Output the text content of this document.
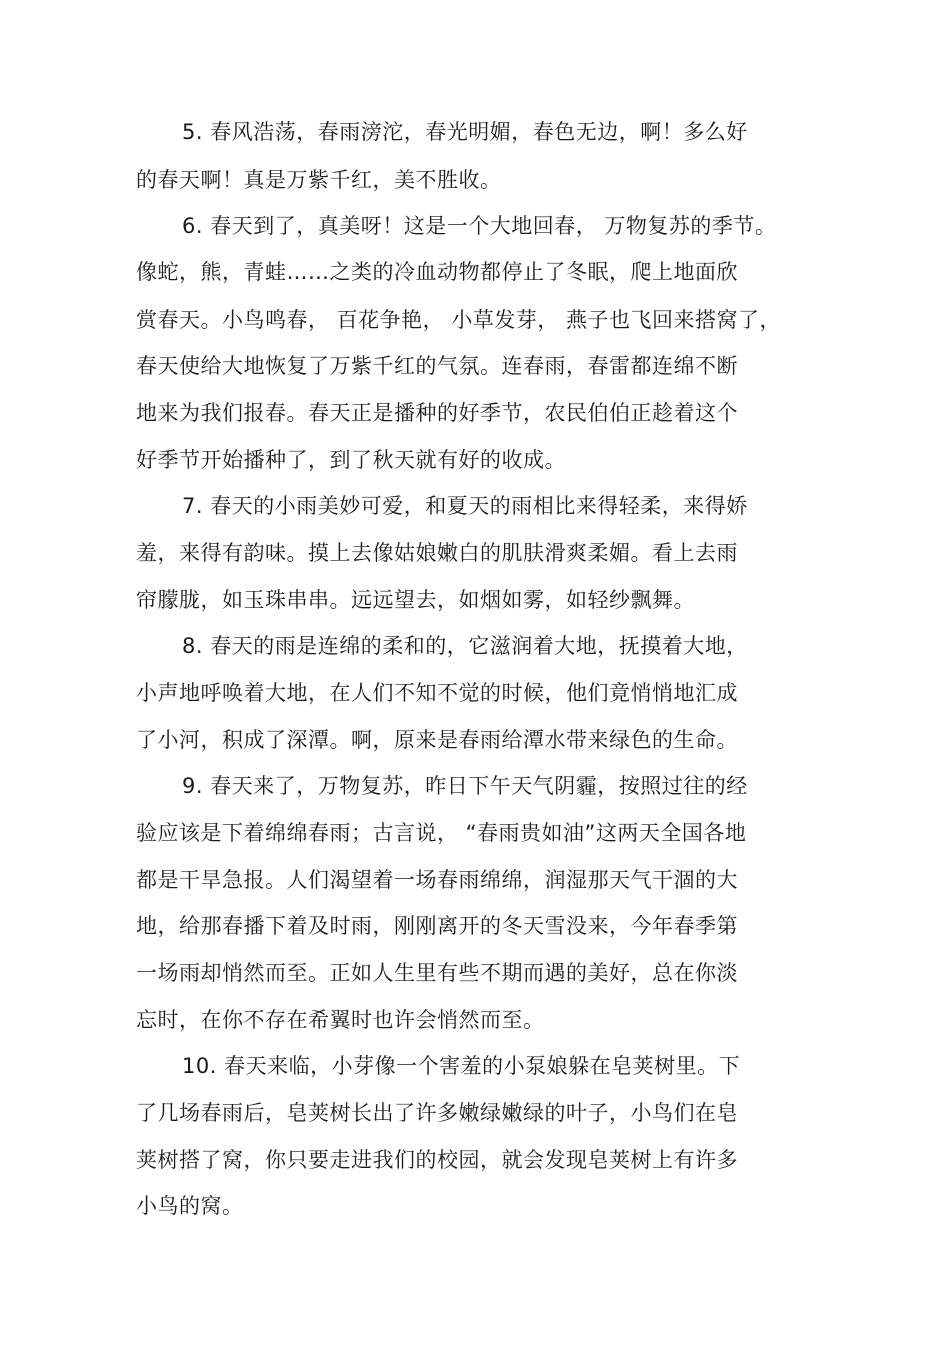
5. 春风浩荡，春雨滂沱，春光明媚，春色无边，啊！多么好
的春天啊！真是万紫千红，美不胜收。
6. 春天到了，真美呀！这是一个大地回春， 万物复苏的季节。
像蛇，熊，青蛙……之类的冷血动物都停止了冬眠，爬上地面欣
赏春天。小鸟鸣春， 百花争艳， 小草发芽， 燕子也飞回来搭窝了，
春天使给大地恢复了万紫千红的气氛。连春雨，春雷都连绵不断
地来为我们报春。春天正是播种的好季节，农民伯伯正趁着这个
好季节开始播种了，到了秋天就有好的收成。
7. 春天的小雨美妙可爱，和夏天的雨相比来得轻柔，来得娇
羞，来得有韵味。摸上去像姑娘嫩白的肌肤滑爽柔媚。看上去雨
帘朦胧，如玉珠串串。远远望去，如烟如雾，如轻纱飘舞。
8. 春天的雨是连绵的柔和的，它滋润着大地，抚摸着大地，
小声地呼唤着大地，在人们不知不觉的时候，他们竟悄悄地汇成
了小河，积成了深潭。啊，原来是春雨给潭水带来绿色的生命。
9. 春天来了，万物复苏，昨日下午天气阴霾，按照过往的经
验应该是下着绵绵春雨；古言说， “春雨贵如油”这两天全国各地
都是干旱急报。人们渴望着一场春雨绵绵，润湿那天气干涸的大
地，给那春播下着及时雨，刚刚离开的冬天雪没来，今年春季第
一场雨却悄然而至。正如人生里有些不期而遇的美好，总在你淡
忘时，在你不存在希翼时也许会悄然而至。
10. 春天来临，小芽像一个害羞的小泵娘躲在皂荚树里。下
了几场春雨后，皂荚树长出了许多嫩绿嫩绿的叶子，小鸟们在皂
荚树搭了窝，你只要走进我们的校园，就会发现皂荚树上有许多
小鸟的窝。
